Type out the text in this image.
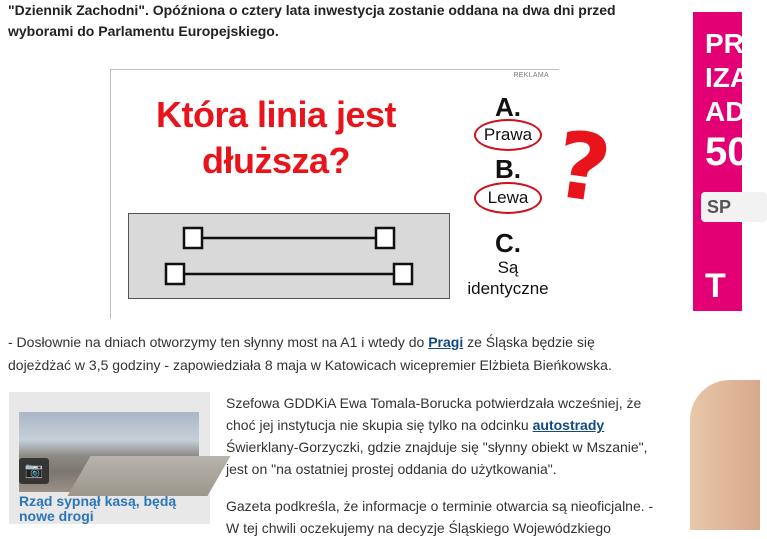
"Dziennik Zachodni". Opóźniona o cztery lata inwestycja zostanie oddana na dwa dni przed wyborami do Parlamentu Europejskiego.
REKLAMA
Która linia jest
dłuższa?
A.
Prawa
B.
Lewa
C.
Są
identyczne
?
- Dosłownie na dniach otworzymy ten słynny most na A1 i wtedy do Pragi ze Śląska będzie się dojeżdżać w 3,5 godziny - zapowiedziała 8 maja w Katowicach wicepremier Elżbieta Bieńkowska.
📷
Rząd sypnął kasą, będą nowe drogi
Szefowa GDDKiA Ewa Tomala-Borucka potwierdzała wcześniej, że choć jej instytucja nie skupia się tylko na odcinku autostrady Świerklany-Gorzyczki, gdzie znajduje się "słynny obiekt w Mszanie", jest on "na ostatniej prostej oddania do użytkowania".
Gazeta podkreśla, że informacje o terminie otwarcia są nieoficjalne. - W tej chwili oczekujemy na decyzje Śląskiego Wojewódzkiego
PR
IZA
AD
50
SP
T
